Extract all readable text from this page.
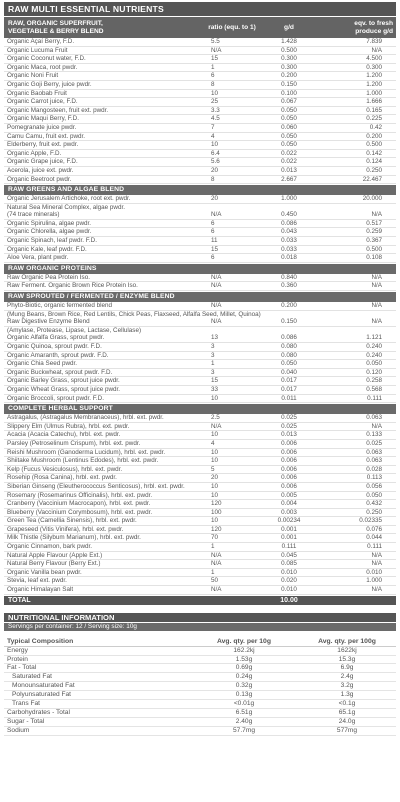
RAW MULTI ESSENTIAL NUTRIENTS
RAW, ORGANIC SUPERFRUIT,
VEGETABLE & BERRY BLEND
ratio (equ. to 1)	g/d
eqv. to fresh
produce g/d
Organic Açaí Berry, F.D.	5.5	1.428	7.839
Organic Lucuma Fruit	N/A	0.500	N/A
Organic Coconut water, F.D.	15	0.300	4.500
Organic Maca, root pwdr.	1	0.300	0.300
Organic Noni Fruit	6	0.200	1.200
Organic Goji Berry, juice pwdr.	8	0.150	1.200
Organic Baobab Fruit	10	0.100	1.000
Organic Carrot juice, F.D.	25	0.067	1.666
Organic Mangosteen, fruit ext. pwdr.	3.3	0.050	0.165
Organic Maqui Berry, F.D.	4.5	0.050	0.225
Pomegranate juice pwdr.	7	0.060	0.42
Camu Camu, fruit ext. pwdr.	4	0.050	0.200
Elderberry, fruit ext. pwdr.	10	0.050	0.500
Organic Apple, F.D.	6.4	0.022	0.142
Organic Grape juice, F.D.	5.6	0.022	0.124
Acerola, juice ext. pwdr.	20	0.013	0.250
Organic Beetroot pwdr.	8	2.667	22.467
RAW GREENS AND ALGAE BLEND
Organic Jerusalem Artichoke, root ext. pwdr.	20	1.000	20.000
Natural Sea Mineral Complex, algae pwdr.
(74 trace minerals)	N/A	0.450	N/A
Organic Spirulina, algae pwdr.	6	0.086	0.517
Organic Chlorella, algae pwdr.	6	0.043	0.259
Organic Spinach, leaf pwdr. F.D.	11	0.033	0.367
Organic Kale, leaf pwdr. F.D.	15	0.033	0.500
Aloe Vera, plant pwdr.	6	0.018	0.108
RAW ORGANIC PROTEINS
Raw Organic Pea Protein Iso.	N/A	0.840	N/A
Raw Ferment. Organic Brown Rice Protein Iso.	N/A	0.360	N/A
RAW SPROUTED / FERMENTED / ENZYME BLEND
Phyto-Biotic, organic fermented blend	N/A	0.200	N/A
(Mung Beans, Brown Rice, Red Lentils, Chick Peas, Flaxseed, Alfalfa Seed, Millet, Quinoa)
Raw Digestive Enzyme Blend	N/A	0.150	N/A
(Amylase, Protease, Lipase, Lactase, Cellulase)
Organic Alfalfa Grass, sprout pwdr.	13	0.086	1.121
Organic Quinoa, sprout pwdr. F.D.	3	0.080	0.240
Organic Amaranth, sprout pwdr. F.D.	3	0.080	0.240
Organic Chia Seed pwdr.	1	0.050	0.050
Organic Buckwheat, sprout pwdr. F.D.	3	0.040	0.120
Organic Barley Grass, sprout juice pwdr.	15	0.017	0.258
Organic Wheat Grass, sprout juice pwdr.	33	0.017	0.568
Organic Broccoli, sprout pwdr. F.D.	10	0.011	0.111
COMPLETE HERBAL SUPPORT
Astragalus, (Astragalus Membranaceus), hrbl. ext. pwdr.	2.5	0.025	0.063
Slippery Elm (Ulmus Rubra), hrbl. ext. pwdr.	N/A	0.025	N/A
Acacia (Acacia Catechu), hrbl. ext. pwdr.	10	0.013	0.133
Parsley (Petroselinum Crispum), hrbl. ext. pwdr.	4	0.006	0.025
Reishi Mushroom (Ganoderma Lucidum), hrbl. ext. pwdr.	10	0.006	0.063
Shiitake Mushroom (Lentinus Edodes), hrbl. ext. pwdr.	10	0.006	0.063
Kelp (Fucus Vesiculosus), hrbl. ext. pwdr.	5	0.006	0.028
Rosehip (Rosa Canina), hrbl. ext. pwdr.	20	0.006	0.113
Siberian Ginseng (Eleutherococcus Senticosus), hrbl. ext. pwdr.	10	0.006	0.056
Rosemary (Rosemarinus Officinalis), hrbl. ext. pwdr.	10	0.005	0.050
Cranberry (Vaccinium Macrocapon), hrbl. ext. pwdr.	120	0.004	0.432
Blueberry (Vaccinium Corymbosum), hrbl. ext. pwdr.	100	0.003	0.250
Green Tea (Camellia Sinensis), hrbl. ext. pwdr.	10	0.00234	0.02335
Grapeseed (Vitis Vinifera), hrbl. ext. pwdr.	120	0.001	0.076
Milk Thistle (Silybum Marianum), hrbl. ext. pwdr.	70	0.001	0.044
Organic Cinnamon, bark pwdr.	1	0.111	0.111
Natural Apple Flavour (Apple Ext.)	N/A	0.045	N/A
Natural Berry Flavour (Berry Ext.)	N/A	0.085	N/A
Organic Vanilla bean pwdr.	1	0.010	0.010
Stevia, leaf ext. pwdr.	50	0.020	1.000
Organic Himalayan Salt	N/A	0.010	N/A
TOTAL	10.00
NUTRITIONAL INFORMATION
Servings per container: 12 / Serving size: 10g
Typical Composition	Avg. qty. per 10g	Avg. qty. per 100g
Energy	162.2kj	1622kj
Protein	1.53g	15.3g
Fat - Total	0.69g	6.9g
Saturated Fat	0.24g	2.4g
Monounsaturated Fat	0.32g	3.2g
Polyunsaturated Fat	0.13g	1.3g
Trans Fat	<0.01g	<0.1g
Carbohydrates - Total	6.51g	65.1g
Sugar - Total	2.40g	24.0g
Sodium	57.7mg	577mg
